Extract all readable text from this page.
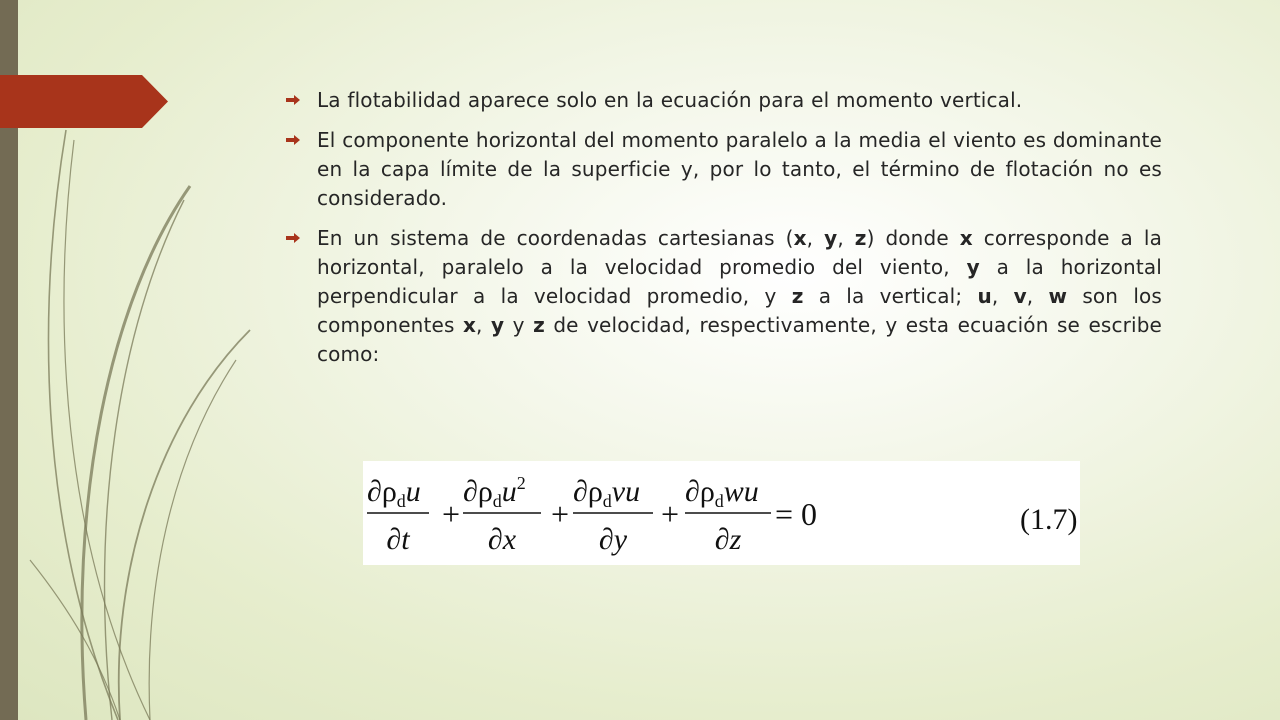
La flotabilidad aparece solo en la ecuación para el momento vertical.
El componente horizontal del momento paralelo a la media el viento es dominante en la capa límite de la superficie y, por lo tanto, el término de flotación no es considerado.
En un sistema de coordenadas cartesianas (x, y, z) donde x corresponde a la horizontal, paralelo a la velocidad promedio del viento, y a la horizontal perpendicular a la velocidad promedio, y z a la vertical; u, v, w son los componentes x, y y z de velocidad, respectivamente, y esta ecuación se escribe como:
$\partial\rho_du$
∂t
$\partial\rho_du^2$
∂x
$\partial\rho_dvu$
∂y
$\partial\rho_dwu$
∂z
+	+	+	= 0	(1.7)
